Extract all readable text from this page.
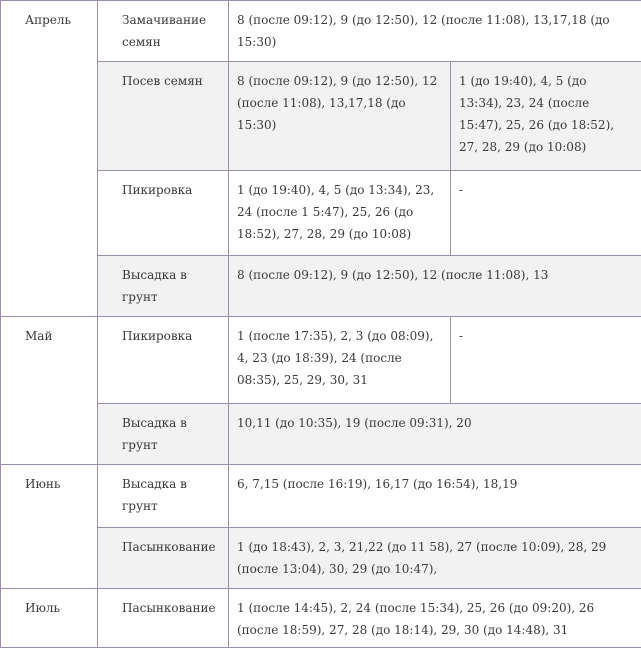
Апрель	Замачивание семян	8 (после 09:12), 9 (до 12:50), 12 (после 11:08), 13,17,18 (до 15:30)	
	Посев семян	8 (после 09:12), 9 (до 12:50), 12 (после 11:08), 13,17,18 (до 15:30)	1 (до 19:40), 4, 5 (до 13:34), 23, 24 (после 15:47), 25, 26 (до 18:52), 27, 28, 29 (до 10:08)
	Пикировка	1 (до 19:40), 4, 5 (до 13:34), 23, 24 (после 1 5:47), 25, 26 (до 18:52), 27, 28, 29 (до 10:08)	-
	Высадка в грунт	8 (после 09:12), 9 (до 12:50), 12 (после 11:08), 13	
Май	Пикировка	1 (после 17:35), 2, 3 (до 08:09), 4, 23 (до 18:39), 24 (после 08:35), 25, 29, 30, 31	-
	Высадка в грунт	10,11 (до 10:35), 19 (после 09:31), 20	
Июнь	Высадка в грунт	6, 7,15 (после 16:19), 16,17 (до 16:54), 18,19	
	Пасынкование	1 (до 18:43), 2, 3, 21,22 (до 11 58), 27 (после 10:09), 28, 29 (после 13:04), 30, 29 (до 10:47),	
Июль	Пасынкование	1 (после 14:45), 2, 24 (после 15:34), 25, 26 (до 09:20), 26 (после 18:59), 27, 28 (до 18:14), 29, 30 (до 14:48), 31	
